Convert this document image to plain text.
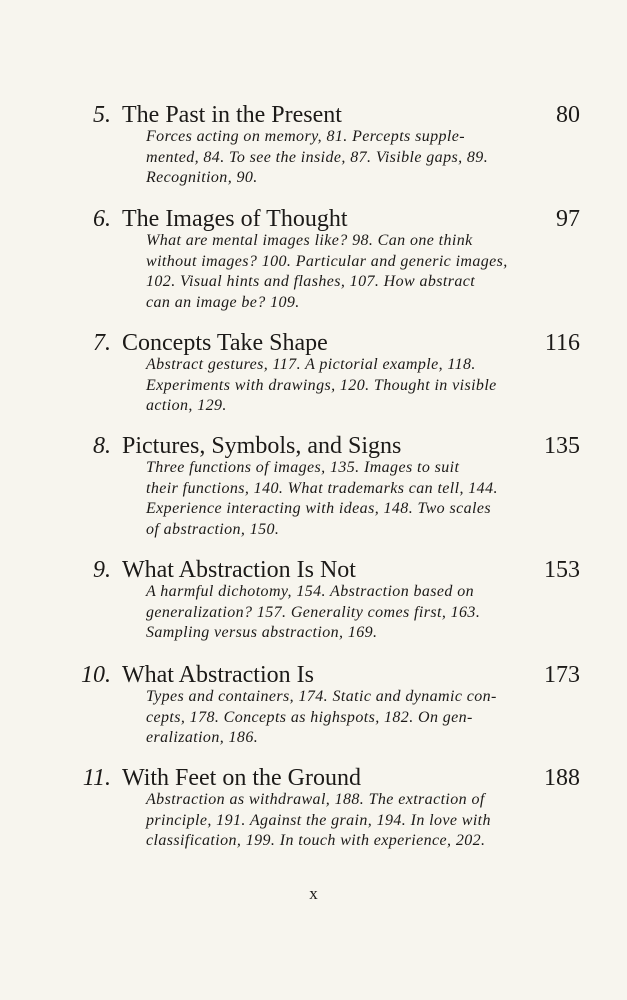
5. The Past in the Present	80
Forces acting on memory, 81. Percepts supple-
mented, 84. To see the inside, 87. Visible gaps, 89.
Recognition, 90.
6. The Images of Thought	97
What are mental images like? 98. Can one think
without images? 100. Particular and generic images,
102. Visual hints and flashes, 107. How abstract
can an image be? 109.
7. Concepts Take Shape	116
Abstract gestures, 117. A pictorial example, 118.
Experiments with drawings, 120. Thought in visible
action, 129.
8. Pictures, Symbols, and Signs	135
Three functions of images, 135. Images to suit
their functions, 140. What trademarks can tell, 144.
Experience interacting with ideas, 148. Two scales
of abstraction, 150.
9. What Abstraction Is Not	153
A harmful dichotomy, 154. Abstraction based on
generalization? 157. Generality comes first, 163.
Sampling versus abstraction, 169.
10. What Abstraction Is	173
Types and containers, 174. Static and dynamic con-
cepts, 178. Concepts as highspots, 182. On gen-
eralization, 186.
11. With Feet on the Ground	188
Abstraction as withdrawal, 188. The extraction of
principle, 191. Against the grain, 194. In love with
classification, 199. In touch with experience, 202.
x
